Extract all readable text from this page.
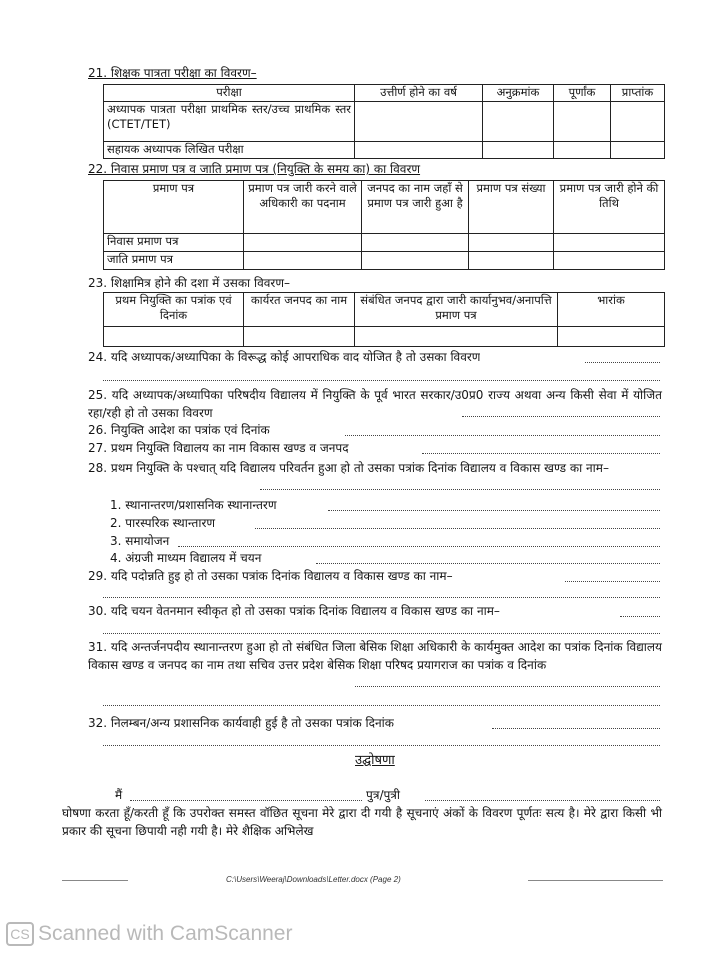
21. शिक्षक पात्रता परीक्षा का विवरण–
परीक्षा	उत्तीर्ण होने का वर्ष	अनुक्रमांक	पूर्णांक	प्राप्तांक
अध्यापक पात्रता परीक्षा प्राथमिक स्तर/उच्च प्राथमिक स्तर (CTET/TET)				
सहायक अध्यापक लिखित परीक्षा				
22. निवास प्रमाण पत्र व जाति प्रमाण पत्र (नियुक्ति के समय का) का विवरण
प्रमाण पत्र	प्रमाण पत्र जारी करने वाले अधिकारी का पदनाम	जनपद का नाम जहाँ से प्रमाण पत्र जारी हुआ है	प्रमाण पत्र संख्या	प्रमाण पत्र जारी होने की तिथि
निवास प्रमाण पत्र				
जाति प्रमाण पत्र				
23. शिक्षामित्र होने की दशा में उसका विवरण–
प्रथम नियुक्ति का पत्रांक एवं दिनांक	कार्यरत जनपद का नाम	संबंधित जनपद द्वारा जारी कार्यानुभव/अनापत्ति प्रमाण पत्र	भारांक

24. यदि अध्यापक/अध्यापिका के विरूद्ध कोई आपराधिक वाद योजित है तो उसका विवरण
25. यदि अध्यापक/अध्यापिका परिषदीय विद्यालय में नियुक्ति के पूर्व भारत सरकार/उ0प्र0 राज्य अथवा अन्य किसी सेवा में योजित रहा/रही हो तो उसका विवरण
26. नियुक्ति आदेश का पत्रांक एवं दिनांक
27. प्रथम नियुक्ति विद्यालय का नाम विकास खण्ड व जनपद
28. प्रथम नियुक्ति के पश्चात् यदि विद्यालय परिवर्तन हुआ हो तो उसका पत्रांक दिनांक विद्यालय व विकास खण्ड का नाम–
1. स्थानान्तरण/प्रशासनिक स्थानान्तरण
2. पारस्परिक स्थान्तारण
3. समायोजन
4. अंग्रजी माध्यम विद्यालय में चयन
29. यदि पदोन्नति हुइ हो तो उसका पत्रांक दिनांक विद्यालय व विकास खण्ड का नाम–
30. यदि चयन वेतनमान स्वीकृत हो तो उसका पत्रांक दिनांक विद्यालय व विकास खण्ड का नाम–
31. यदि अन्तर्जनपदीय स्थानान्तरण हुआ हो तो संबंधित जिला बेसिक शिक्षा अधिकारी के कार्यमुक्त आदेश का पत्रांक दिनांक विद्यालय विकास खण्ड व जनपद का नाम तथा सचिव उत्तर प्रदेश बेसिक शिक्षा परिषद प्रयागराज का पत्रांक व दिनांक
32. निलम्बन/अन्य प्रशासनिक कार्यवाही हुई है तो उसका पत्रांक दिनांक
उद्घोषणा
मैं	पुत्र/पुत्री
घोषणा करता हूँ/करती हूँ कि उपरोक्त समस्त वॉछित सूचना मेरे द्वारा दी गयी है सूचनाएं अंकों के विवरण पूर्णतः सत्य है। मेरे द्वारा किसी भी प्रकार की सूचना छिपायी नही गयी है। मेरे शैक्षिक अभिलेख
C:\Users\Weeraj\Downloads\Letter.docx (Page 2)
CS Scanned with CamScanner
